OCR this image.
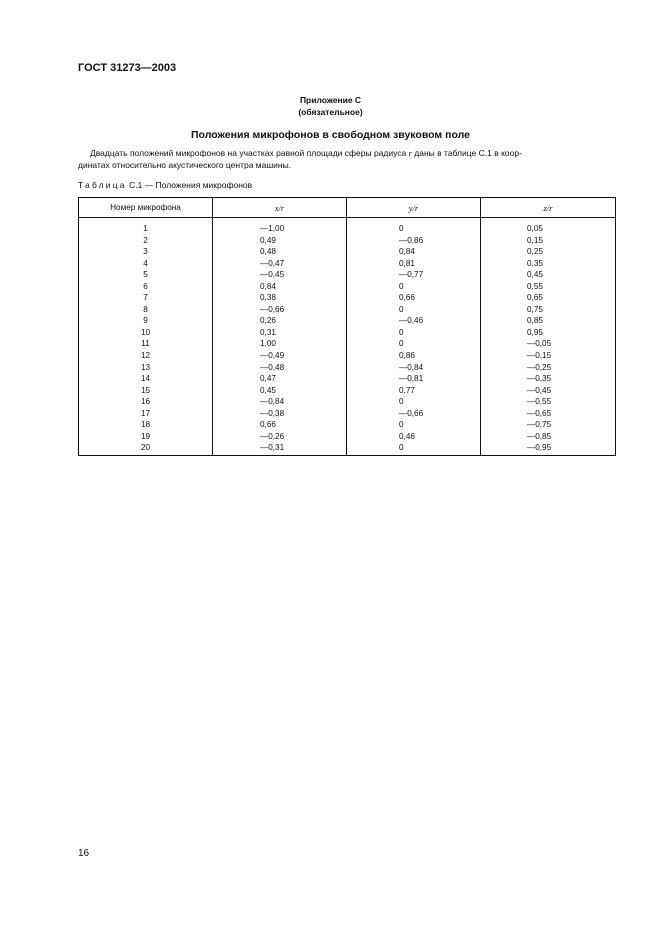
ГОСТ 31273—2003
Приложение С
(обязательное)
Положения микрофонов в свободном звуковом поле
Двадцать положений микрофонов на участках равной площади сферы радиуса r даны в таблице С.1 в коор-
динатах относительно акустического центра машины.
Таблица С.1 — Положения микрофонов
Номер микрофона	x/r	y/r	z/r
1	—1,00	0	0,05

2	0,49	—0,86	0,15

3	0,48	0,84	0,25

4	—0,47	0,81	0,35

5	—0,45	—0,77	0,45

6	0,84	0	0,55

7	0,38	0,66	0,65

8	—0,66	0	0,75

9	0,26	—0,46	0,85

10	0,31	0	0,95

11	1,00	0	—0,05

12	—0,49	0,86	—0,15

13	—0,48	—0,84	—0,25

14	0,47	—0,81	—0,35

15	0,45	0,77	—0,45

16	—0,84	0	—0,55

17	—0,38	—0,66	—0,65

18	0,66	0	—0,75

19	—0,26	0,46	—0,85

20	—0,31	0	—0,95
16
